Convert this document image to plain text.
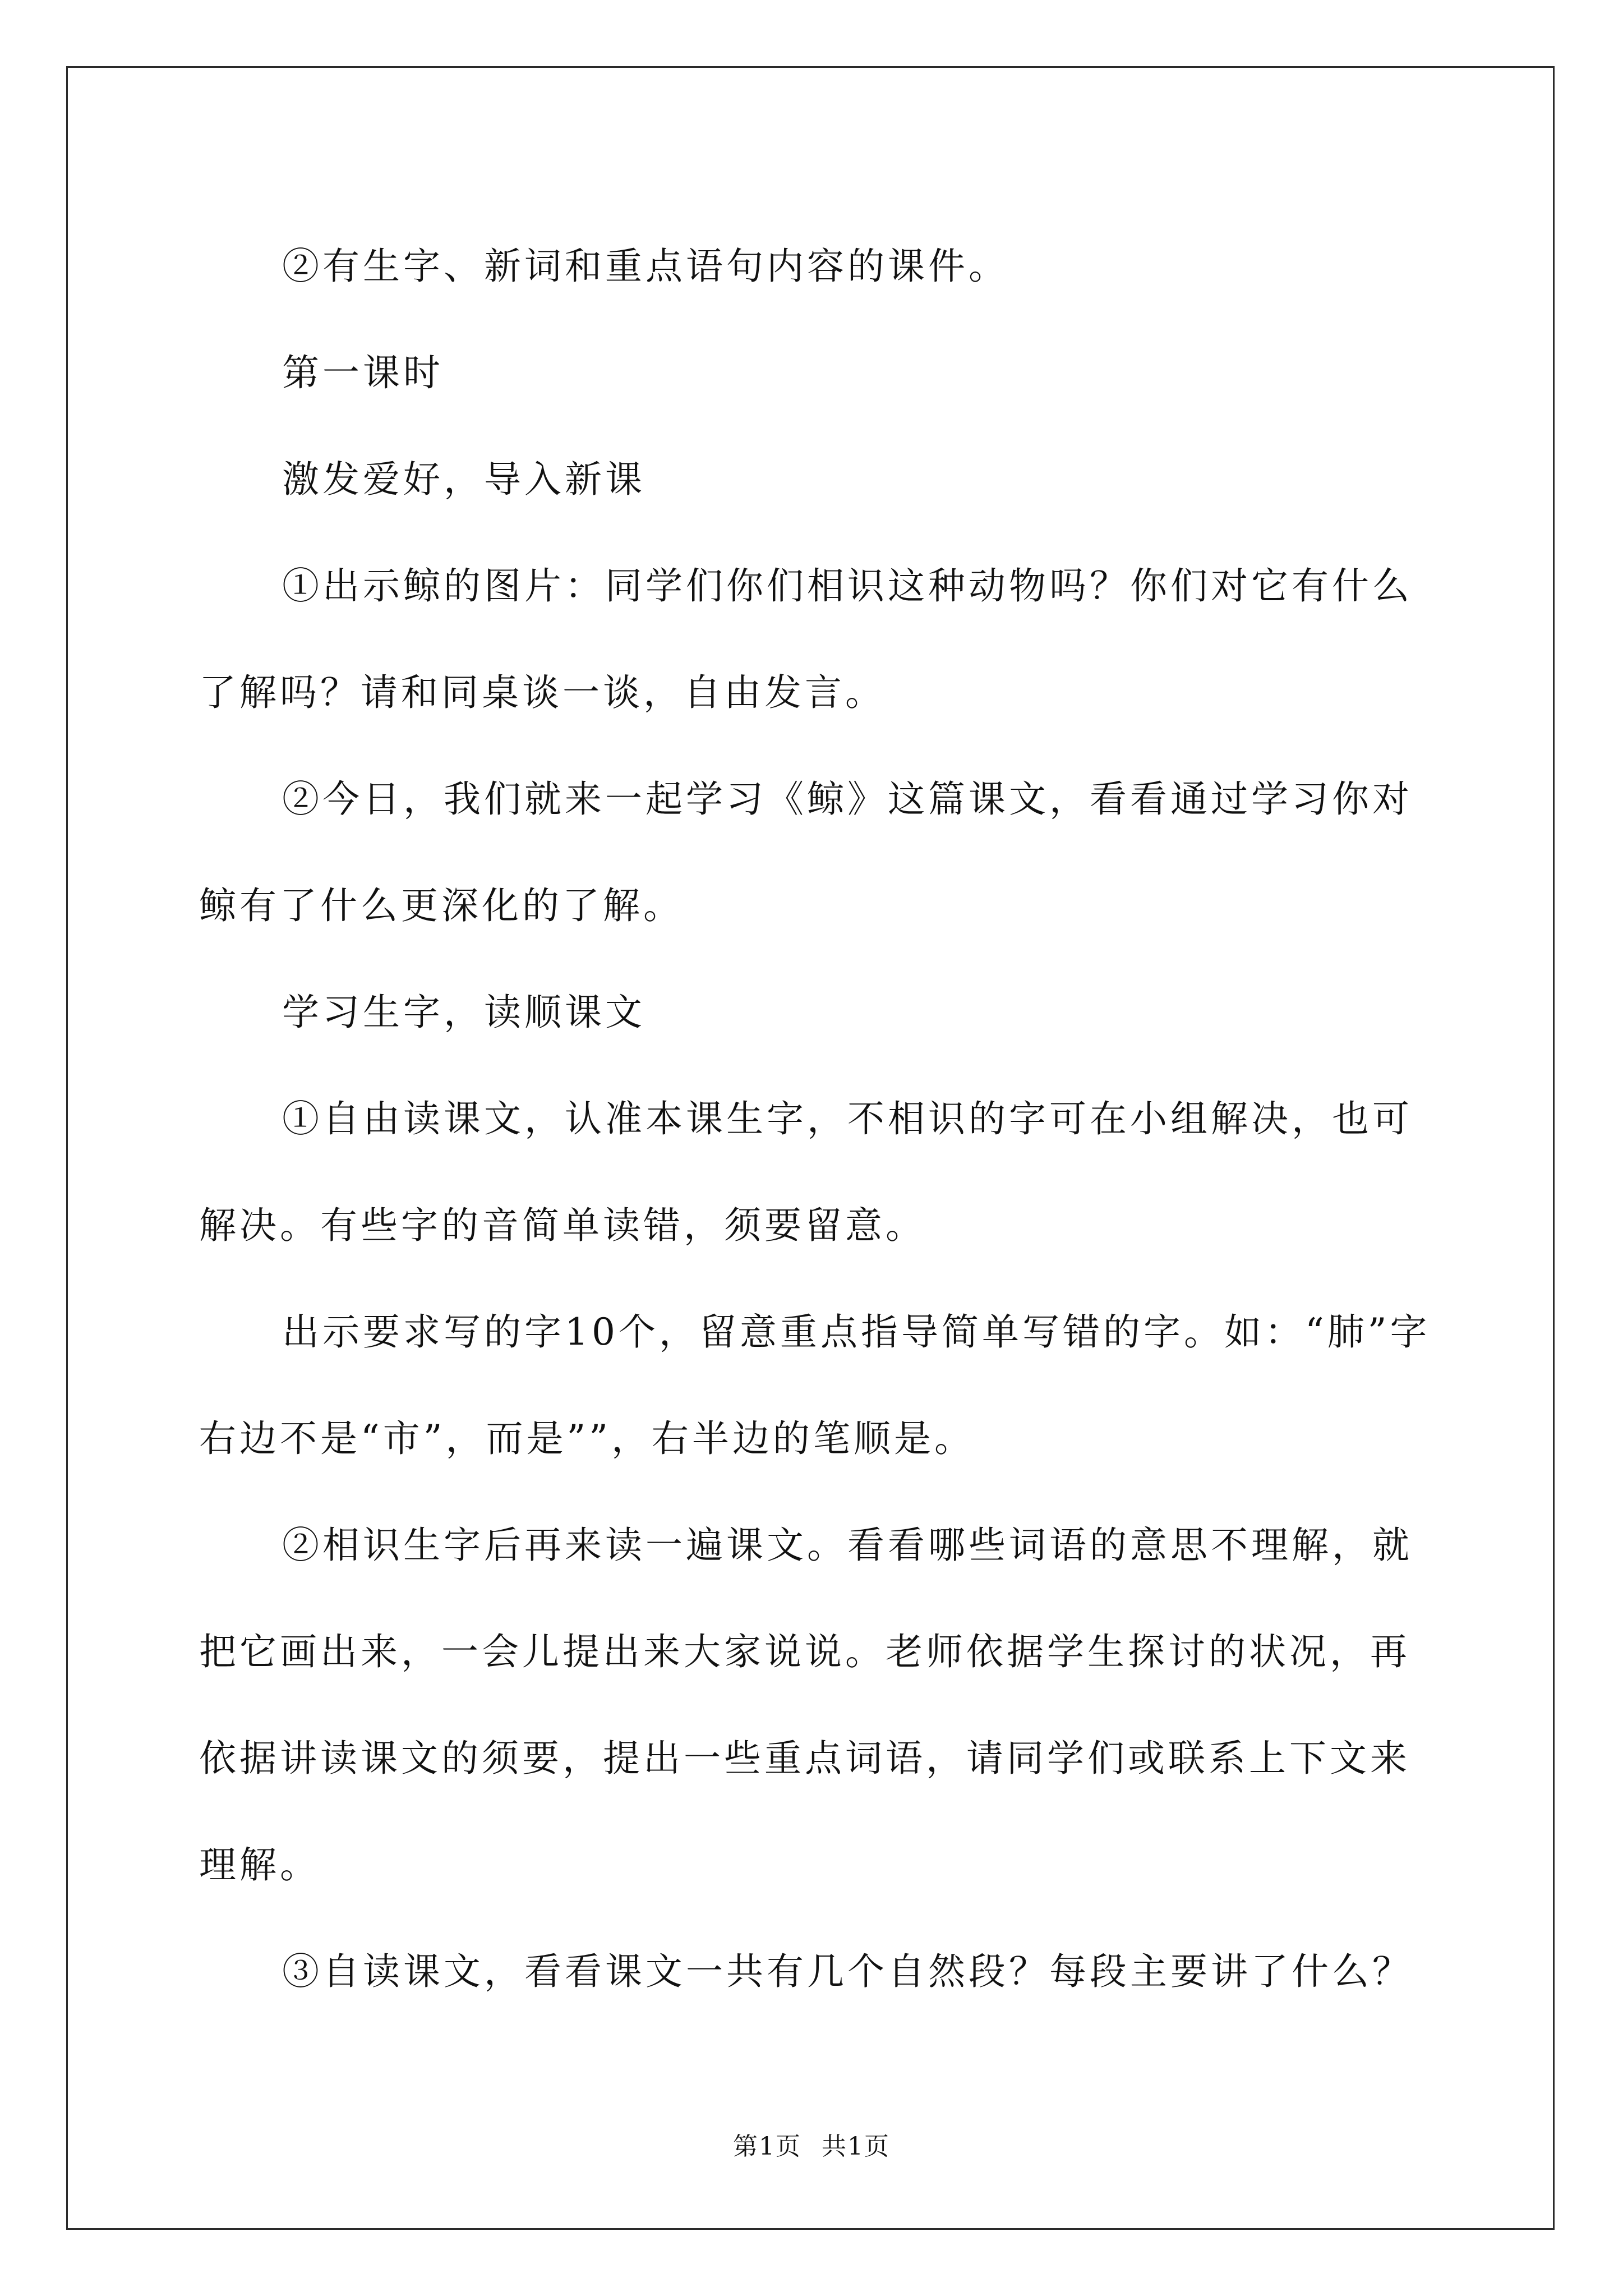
②有生字、新词和重点语句内容的课件。

第一课时

激发爱好，导入新课

①出示鲸的图片：同学们你们相识这种动物吗？你们对它有什么了解吗？请和同桌谈一谈，自由发言。

②今日，我们就来一起学习《鲸》这篇课文，看看通过学习你对鲸有了什么更深化的了解。

学习生字，读顺课文

①自由读课文，认准本课生字，不相识的字可在小组解决，也可解决。有些字的音简单读错，须要留意。

出示要求写的字10个，留意重点指导简单写错的字。如：“肺”字右边不是“市”，而是””，右半边的笔顺是。

②相识生字后再来读一遍课文。看看哪些词语的意思不理解，就把它画出来，一会儿提出来大家说说。老师依据学生探讨的状况，再依据讲读课文的须要，提出一些重点词语，请同学们或联系上下文来理解。

③自读课文，看看课文一共有几个自然段？每段主要讲了什么？

第1页 共1页
